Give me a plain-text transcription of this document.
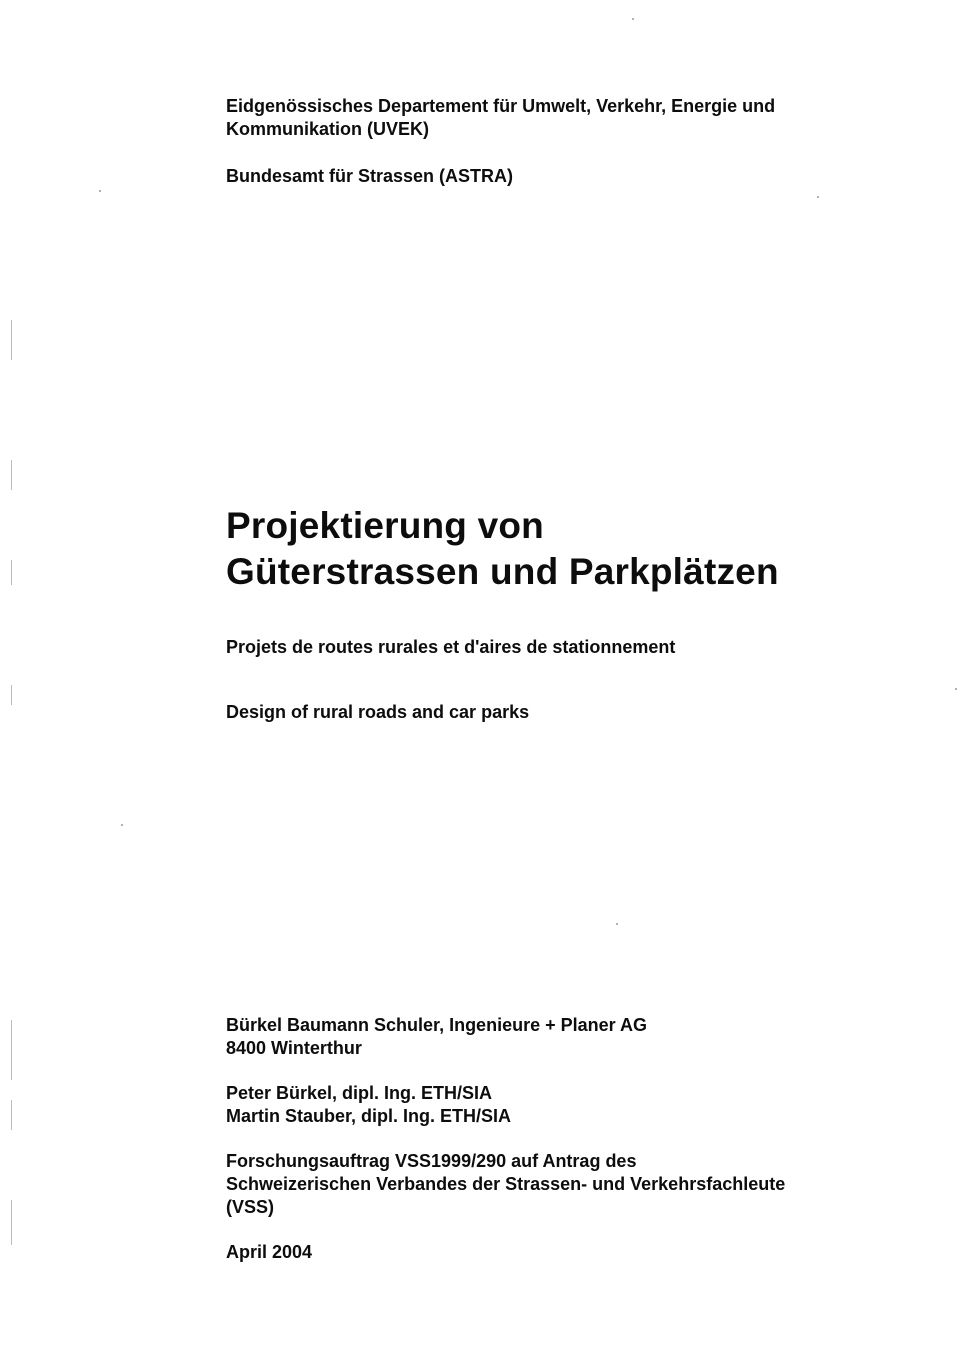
Eidgenössisches Departement für Umwelt, Verkehr, Energie und
Kommunikation (UVEK)
Bundesamt für Strassen (ASTRA)
Projektierung von
Güterstrassen und Parkplätzen
Projets de routes rurales et d'aires de stationnement
Design of rural roads and car parks
Bürkel Baumann Schuler, Ingenieure + Planer AG
8400 Winterthur
Peter Bürkel, dipl. Ing. ETH/SIA
Martin Stauber, dipl. Ing. ETH/SIA
Forschungsauftrag VSS1999/290 auf Antrag des
Schweizerischen Verbandes der Strassen- und Verkehrsfachleute
(VSS)
April 2004
